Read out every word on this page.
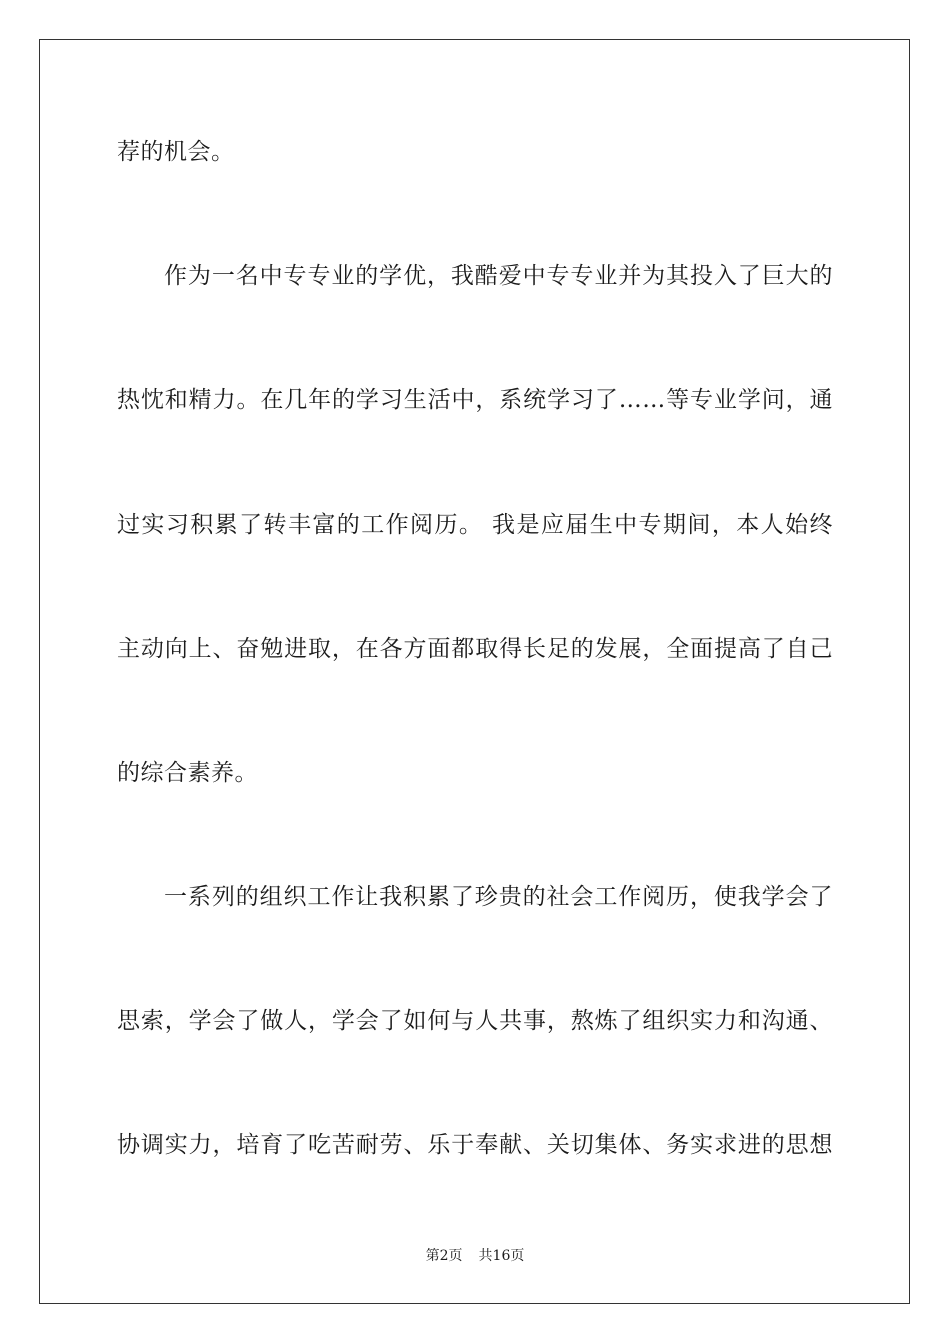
荐的机会。
作为一名中专专业的学优，我酷爱中专专业并为其投入了巨大的
热忱和精力。在几年的学习生活中，系统学习了……等专业学问，通
过实习积累了转丰富的工作阅历。 我是应届生中专期间，本人始终
主动向上、奋勉进取，在各方面都取得长足的发展，全面提高了自己
的综合素养。
一系列的组织工作让我积累了珍贵的社会工作阅历，使我学会了
思索，学会了做人，学会了如何与人共事，熬炼了组织实力和沟通、
协调实力，培育了吃苦耐劳、乐于奉献、关切集体、务实求进的思想
第2页 共16页
